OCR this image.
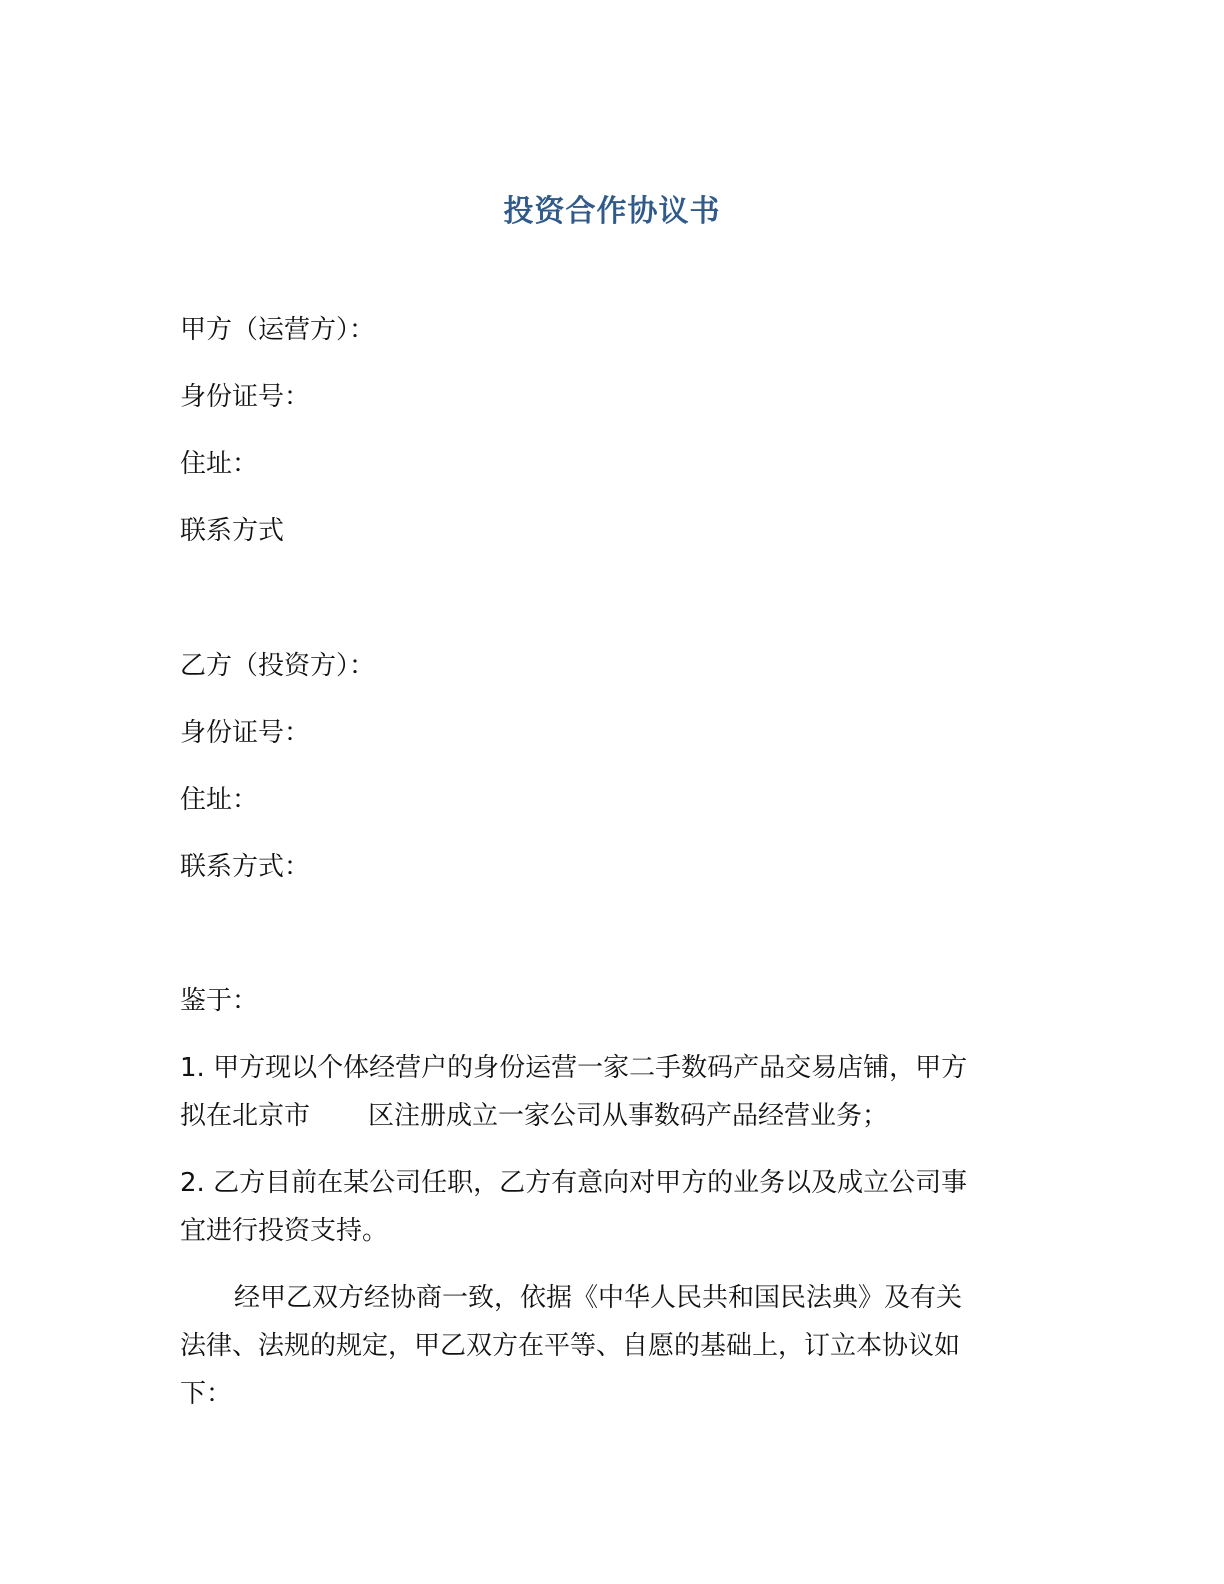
投资合作协议书
甲方（运营方）：
身份证号：
住址：
联系方式
乙方（投资方）：
身份证号：
住址：
联系方式：
鉴于：
1. 甲方现以个体经营户的身份运营一家二手数码产品交易店铺，甲方
拟在北京市 区注册成立一家公司从事数码产品经营业务；
2. 乙方目前在某公司任职，乙方有意向对甲方的业务以及成立公司事
宜进行投资支持。
经甲乙双方经协商一致，依据《中华人民共和国民法典》及有关
法律、法规的规定，甲乙双方在平等、自愿的基础上，订立本协议如
下：
